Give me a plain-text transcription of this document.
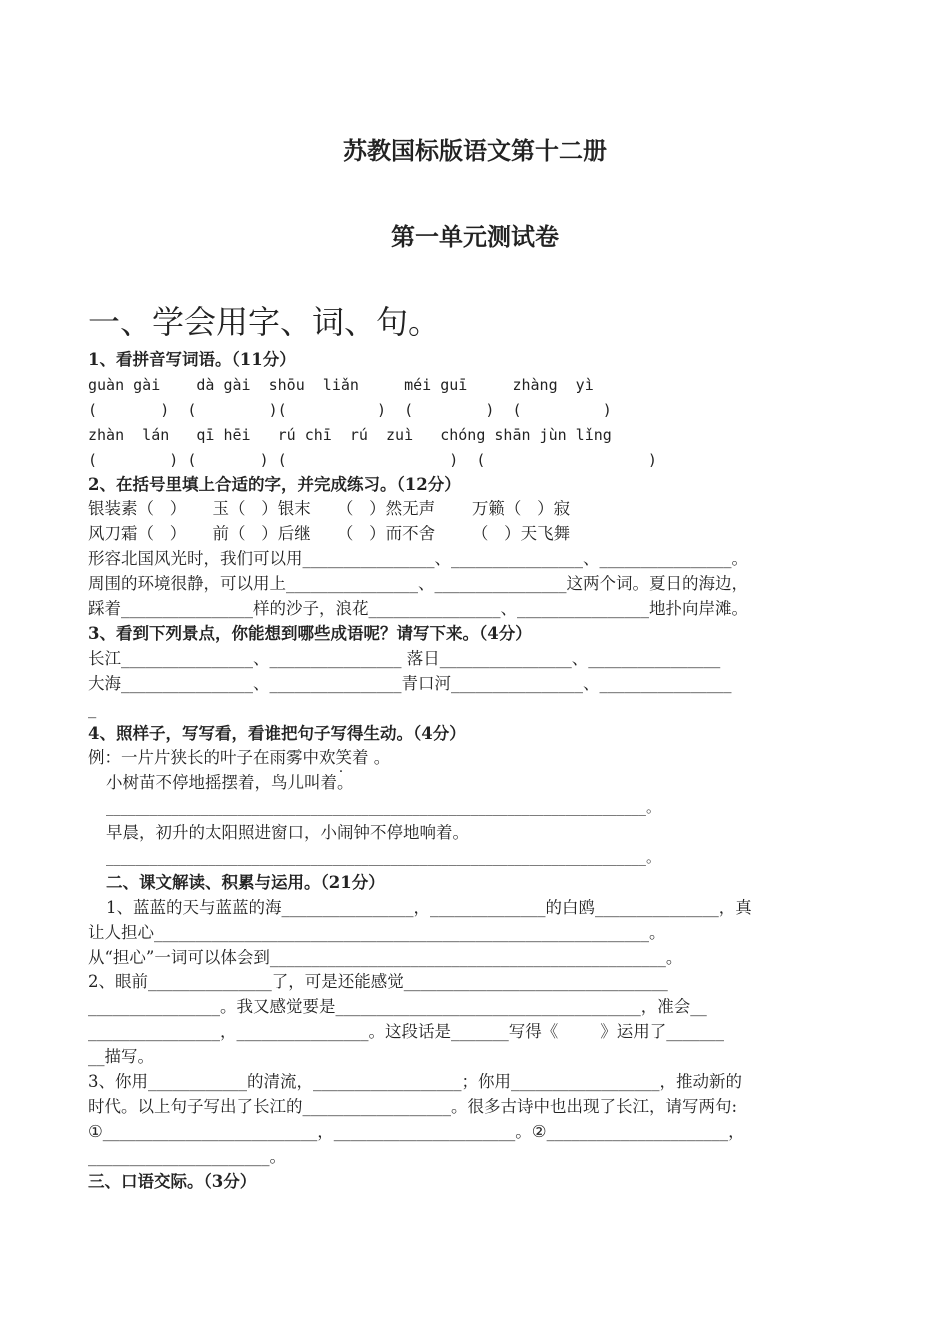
苏教国标版语文第十二册
第一单元测试卷
一、学会用字、词、句。
1、看拼音写词语。（11分）
guàn gài    dà gài  shōu  liǎn     méi guī     zhàng  yì
(       )  (        )(          )  (        )  (         )
zhàn  lán   qī hēi   rú chī  rú  zuì   chóng shān jùn lǐng
(        ) (       ) (                  )  (                  )
2、在括号里填上合适的字，并完成练习。（12分）
银装素（   ）     玉（   ）银末     （   ）然无声       万籁（   ）寂
风刀霜（   ）     前（   ）后继     （   ）而不舍       （   ）天飞舞
形容北国风光时，我们可以用________________、________________、________________。
周围的环境很静，可以用上________________、________________这两个词。夏日的海边，
踩着________________样的沙子，浪花________________、________________地扑向岸滩。
3、看到下列景点，你能想到哪些成语呢？请写下来。（4分）
长江________________、________________ 落日________________、________________
大海________________、________________青口河________________、________________
_
4、照样子，写写看，看谁把句子写得生动。（4分）
例：一片片狭长的叶子在雨雾中欢笑着 。
小树苗不停地摇摆着，鸟儿叫着。
__________________________________________________________________________。
早晨，初升的太阳照进窗口，小闹钟不停地响着。
__________________________________________________________________________。
二、课文解读、积累与运用。（21分）
1、蓝蓝的天与蓝蓝的海________________，______________的白鸥_______________，真
让人担心____________________________________________________________。
从“担心”一词可以体会到________________________________________________。
2、眼前_______________了，可是还能感觉________________________________
________________。我又感觉要是_____________________________________，准会__
________________，________________。这段话是_______写得《        》运用了_______
__描写。
3、你用____________的清流，__________________；你用__________________，推动新的
时代。以上句子写出了长江的__________________。很多古诗中也出现了长江，请写两句:
①__________________________，______________________。②______________________，
______________________。
三、口语交际。（3分）
